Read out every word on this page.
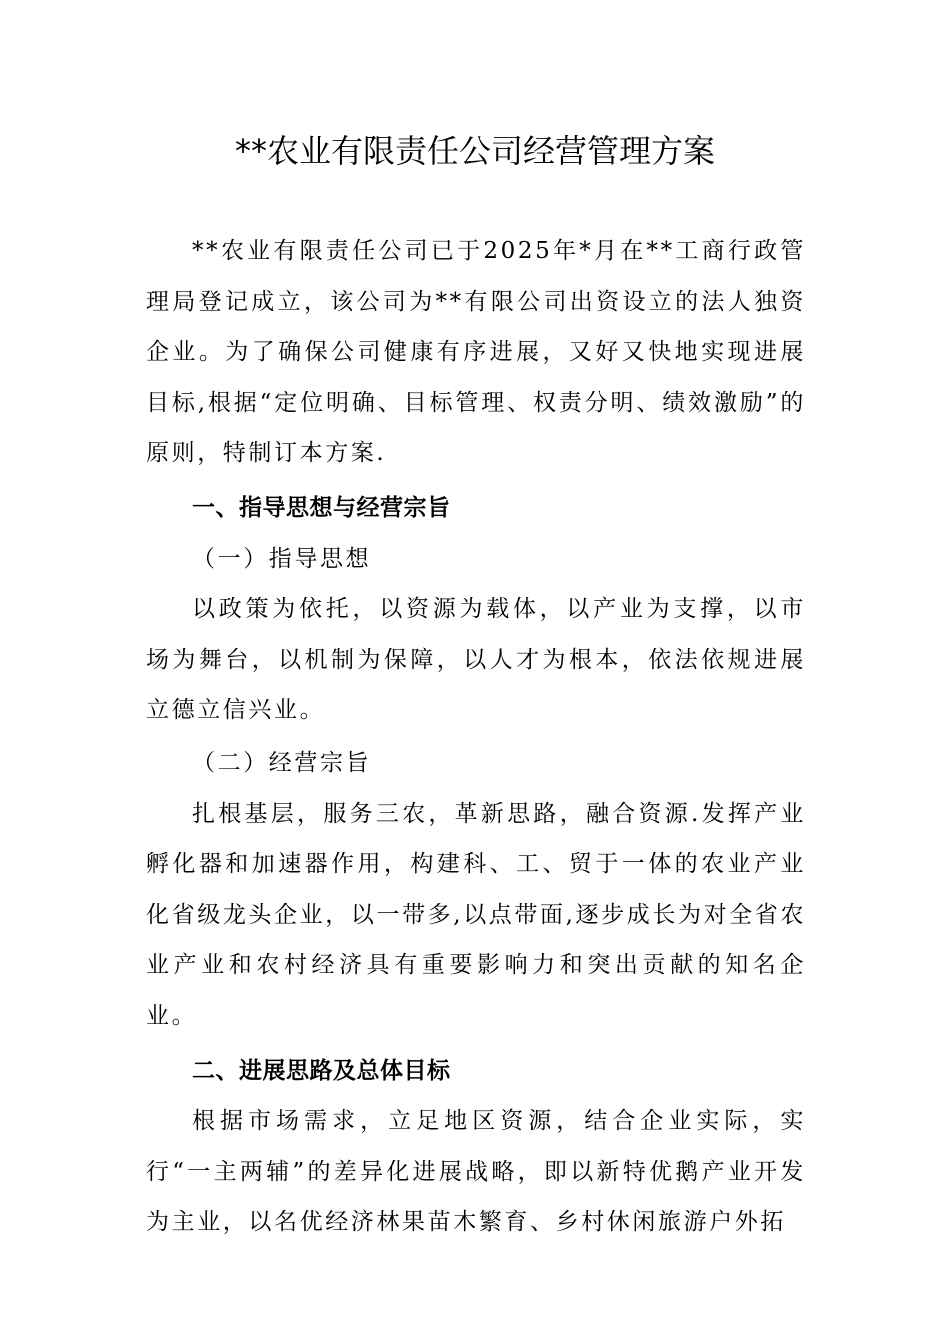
**农业有限责任公司经营管理方案

**农业有限责任公司已于2025年*月在**工商行政管理局登记成立，该公司为**有限公司出资设立的法人独资企业。为了确保公司健康有序进展，又好又快地实现进展目标,根据“定位明确、目标管理、权责分明、绩效激励”的原则，特制订本方案.

一、指导思想与经营宗旨

（一）指导思想

以政策为依托，以资源为载体，以产业为支撑，以市场为舞台，以机制为保障，以人才为根本，依法依规进展立德立信兴业。

（二）经营宗旨

扎根基层，服务三农，革新思路，融合资源.发挥产业孵化器和加速器作用，构建科、工、贸于一体的农业产业化省级龙头企业，以一带多,以点带面,逐步成长为对全省农业产业和农村经济具有重要影响力和突出贡献的知名企业。

二、进展思路及总体目标

根据市场需求，立足地区资源，结合企业实际，实行“一主两辅”的差异化进展战略，即以新特优鹅产业开发为主业，以名优经济林果苗木繁育、乡村休闲旅游户外拓
